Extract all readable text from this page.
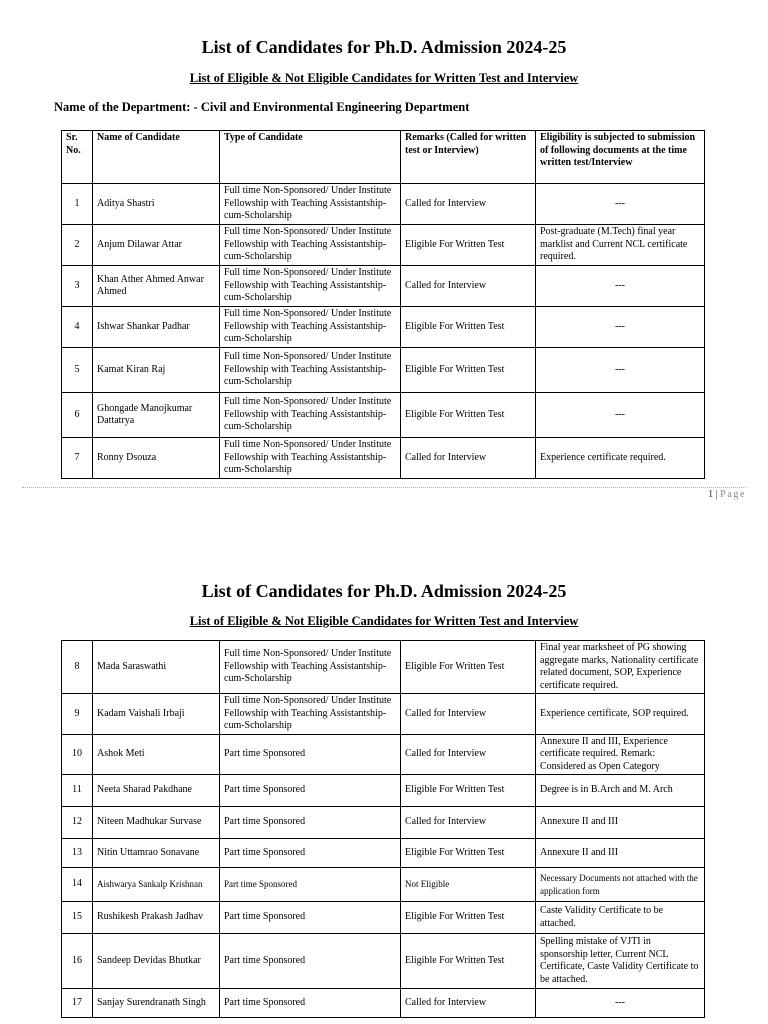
List of Candidates for Ph.D. Admission 2024-25
List of Eligible & Not Eligible Candidates for Written Test and Interview
Name of the Department: - Civil and Environmental Engineering Department
Sr. No.	Name of Candidate	Type of Candidate	Remarks (Called for written test or Interview)	Eligibility is subjected to submission of following documents at the time written test/Interview
1	Aditya Shastri	Full time Non-Sponsored/ Under Institute Fellowship with Teaching Assistantship-cum-Scholarship	Called for Interview	---
2	Anjum Dilawar Attar	Full time Non-Sponsored/ Under Institute Fellowship with Teaching Assistantship-cum-Scholarship	Eligible For Written Test	Post-graduate (M.Tech) final year marklist and Current NCL certificate required.
3	Khan Ather Ahmed Anwar Ahmed	Full time Non-Sponsored/ Under Institute Fellowship with Teaching Assistantship-cum-Scholarship	Called for Interview	---
4	Ishwar Shankar Padhar	Full time Non-Sponsored/ Under Institute Fellowship with Teaching Assistantship-cum-Scholarship	Eligible For Written Test	---
5	Kamat Kiran Raj	Full time Non-Sponsored/ Under Institute Fellowship with Teaching Assistantship-cum-Scholarship	Eligible For Written Test	---
6	Ghongade Manojkumar Dattatrya	Full time Non-Sponsored/ Under Institute Fellowship with Teaching Assistantship-cum-Scholarship	Eligible For Written Test	---
7	Ronny Dsouza	Full time Non-Sponsored/ Under Institute Fellowship with Teaching Assistantship-cum-Scholarship	Called for Interview	Experience certificate required.
1 | Page
List of Candidates for Ph.D. Admission 2024-25
List of Eligible & Not Eligible Candidates for Written Test and Interview
8	Mada Saraswathi	Full time Non-Sponsored/ Under Institute Fellowship with Teaching Assistantship-cum-Scholarship	Eligible For Written Test	Final year marksheet of PG showing aggregate marks, Nationality certificate related document, SOP, Experience certificate required.
9	Kadam Vaishali Irbaji	Full time Non-Sponsored/ Under Institute Fellowship with Teaching Assistantship-cum-Scholarship	Called for Interview	Experience certificate, SOP required.
10	Ashok Meti	Part time Sponsored	Called for Interview	Annexure II and III, Experience certificate required. Remark: Considered as Open Category
11	Neeta Sharad Pakdhane	Part time Sponsored	Eligible For Written Test	Degree is in B.Arch and M. Arch
12	Niteen Madhukar Survase	Part time Sponsored	Called for Interview	Annexure II and III
13	Nitin Uttamrao Sonavane	Part time Sponsored	Eligible For Written Test	Annexure II and III
14	Aishwarya Sankalp Krishnan	Part time Sponsored	Not Eligible	Necessary Documents not attached with the application form
15	Rushikesh Prakash Jadhav	Part time Sponsored	Eligible For Written Test	Caste Validity Certificate to be attached.
16	Sandeep Devidas Bhutkar	Part time Sponsored	Eligible For Written Test	Spelling mistake of VJTI in sponsorship letter, Current NCL Certificate, Caste Validity Certificate to be attached.
17	Sanjay Surendranath Singh	Part time Sponsored	Called for Interview	---
